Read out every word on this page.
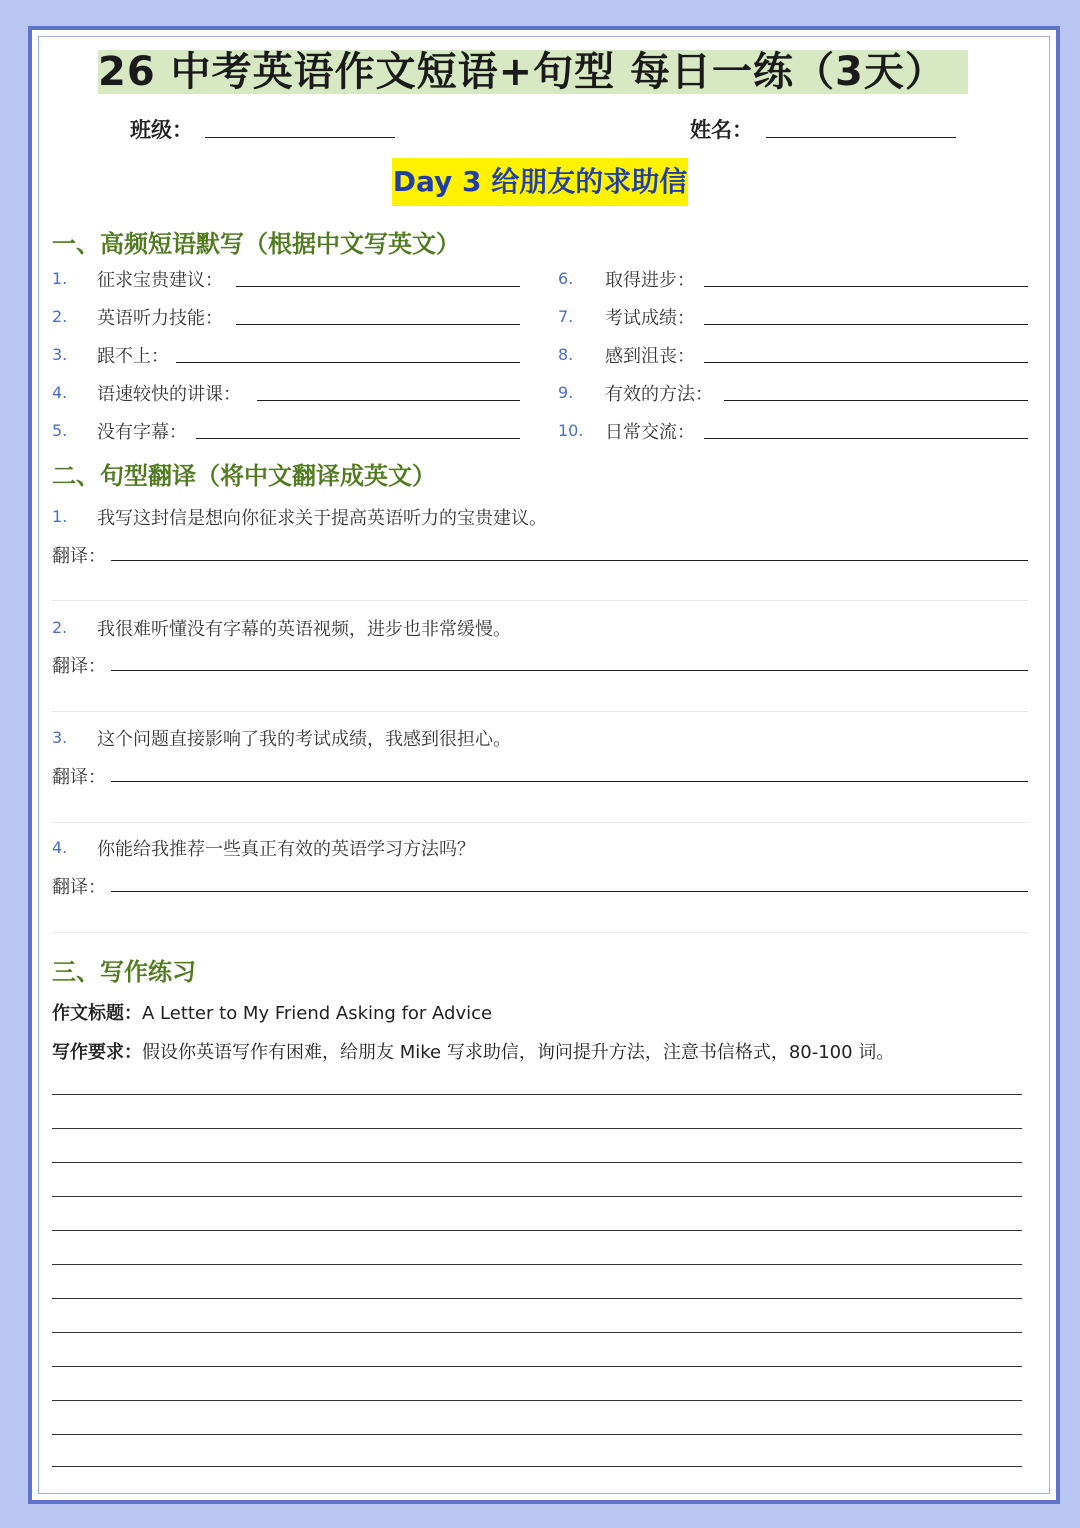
26 中考英语作文短语+句型 每日一练（3天）
班级：	姓名：
Day 3 给朋友的求助信
一、高频短语默写（根据中文写英文）
1. 征求宝贵建议：
2. 英语听力技能：
3. 跟不上：
4. 语速较快的讲课：
5. 没有字幕：
6. 取得进步：
7. 考试成绩：
8. 感到沮丧：
9. 有效的方法：
10. 日常交流：
二、句型翻译（将中文翻译成英文）
1. 我写这封信是想向你征求关于提高英语听力的宝贵建议。
翻译：
2. 我很难听懂没有字幕的英语视频，进步也非常缓慢。
翻译：
3. 这个问题直接影响了我的考试成绩，我感到很担心。
翻译：
4. 你能给我推荐一些真正有效的英语学习方法吗？
翻译：
三、写作练习
作文标题：A Letter to My Friend Asking for Advice
写作要求：假设你英语写作有困难，给朋友 Mike 写求助信，询问提升方法，注意书信格式，80-100 词。
